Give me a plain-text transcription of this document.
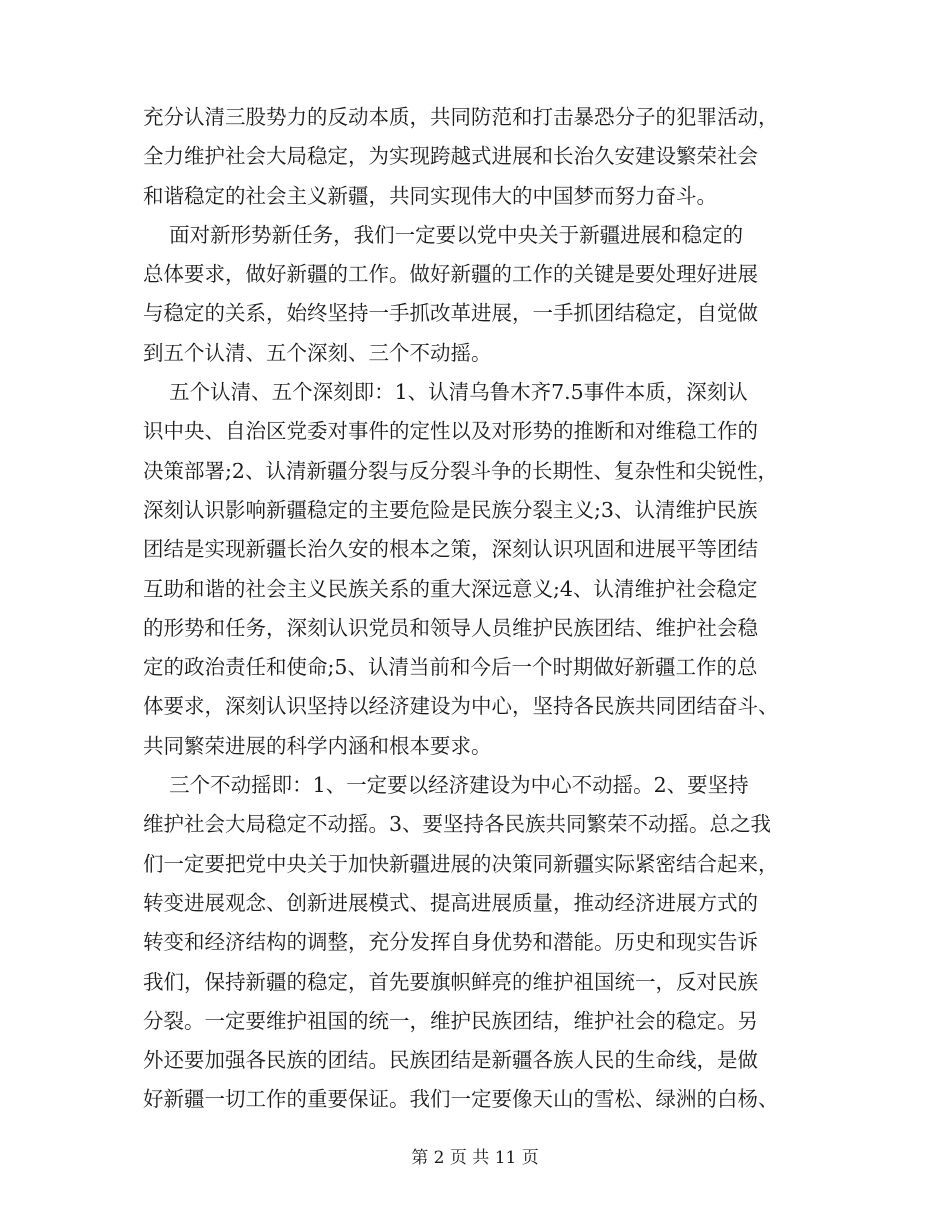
充分认清三股势力的反动本质，共同防范和打击暴恐分子的犯罪活动，
全力维护社会大局稳定，为实现跨越式进展和长治久安建设繁荣社会
和谐稳定的社会主义新疆，共同实现伟大的中国梦而努力奋斗。
面对新形势新任务，我们一定要以党中央关于新疆进展和稳定的
总体要求，做好新疆的工作。做好新疆的工作的关键是要处理好进展
与稳定的关系，始终坚持一手抓改革进展，一手抓团结稳定，自觉做
到五个认清、五个深刻、三个不动摇。
五个认清、五个深刻即：1、认清乌鲁木齐7.5事件本质，深刻认
识中央、自治区党委对事件的定性以及对形势的推断和对维稳工作的
决策部署;2、认清新疆分裂与反分裂斗争的长期性、复杂性和尖锐性，
深刻认识影响新疆稳定的主要危险是民族分裂主义;3、认清维护民族
团结是实现新疆长治久安的根本之策，深刻认识巩固和进展平等团结
互助和谐的社会主义民族关系的重大深远意义;4、认清维护社会稳定
的形势和任务，深刻认识党员和领导人员维护民族团结、维护社会稳
定的政治责任和使命;5、认清当前和今后一个时期做好新疆工作的总
体要求，深刻认识坚持以经济建设为中心，坚持各民族共同团结奋斗、
共同繁荣进展的科学内涵和根本要求。
三个不动摇即：1、一定要以经济建设为中心不动摇。2、要坚持
维护社会大局稳定不动摇。3、要坚持各民族共同繁荣不动摇。总之我
们一定要把党中央关于加快新疆进展的决策同新疆实际紧密结合起来，
转变进展观念、创新进展模式、提高进展质量，推动经济进展方式的
转变和经济结构的调整，充分发挥自身优势和潜能。历史和现实告诉
我们，保持新疆的稳定，首先要旗帜鲜亮的维护祖国统一，反对民族
分裂。一定要维护祖国的统一，维护民族团结，维护社会的稳定。另
外还要加强各民族的团结。民族团结是新疆各族人民的生命线，是做
好新疆一切工作的重要保证。我们一定要像天山的雪松、绿洲的白杨、
第 2 页 共 11 页
